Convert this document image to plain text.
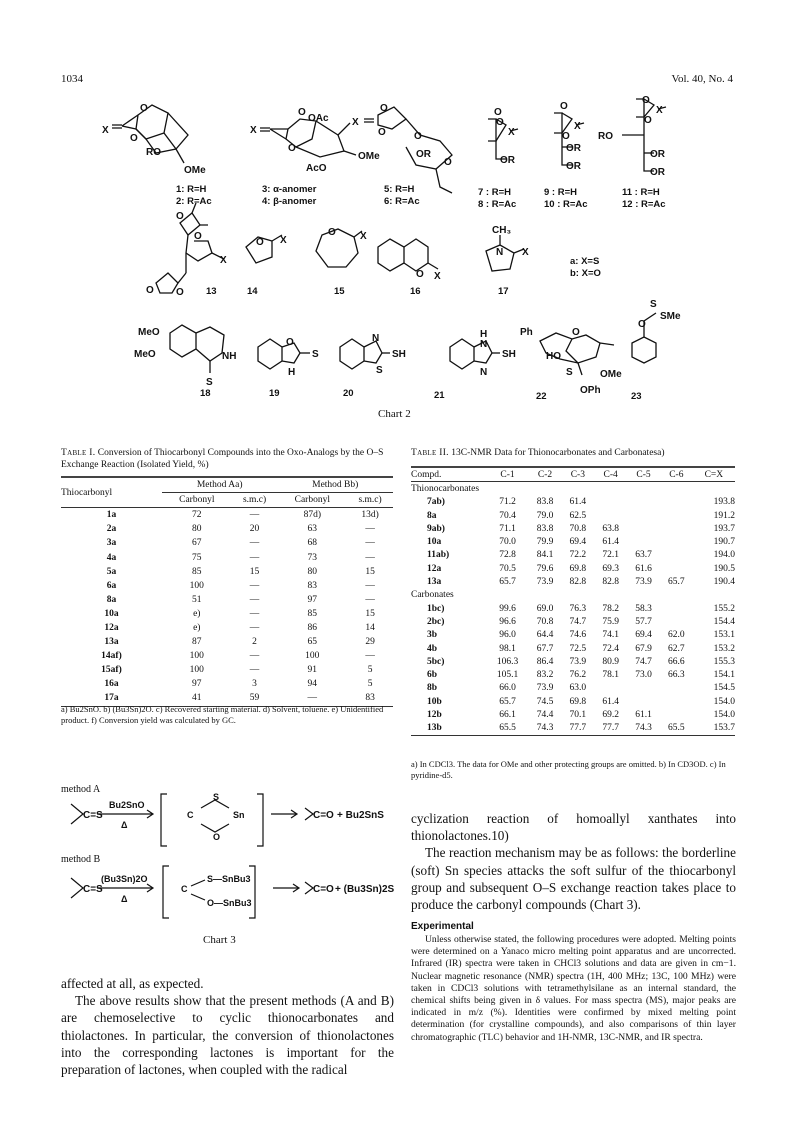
1034	Vol. 40, No. 4
X
O
O
RO
OMe
X
O
OAc
O
OMe
AcO
X
O
O	O
OR
O
O
X
O
OR
O
X
O
OR
OR
O
X
O
RO
OR
OR
O
X
O
O O
O X
O X
O X
CH₃
N X
MeO
MeO	NH
S
O
S
H
N
SH
S
H
N
SH
N
Ph	O
HO
S	OMe
OPh
S
SMe
O
1: R=H
2: R=Ac
3: α-anomer
4: β-anomer
5: R=H
6: R=Ac
7 : R=H
8 : R=Ac
9 : R=H
10 : R=Ac
11 : R=H
12 : R=Ac
13	14	15	16	17
a: X=S
b: X=O
18	19	20	21	22	23
Chart 2
Table I. Conversion of Thiocarbonyl Compounds into the Oxo-Analogs by the O–S Exchange Reaction (Isolated Yield, %)
Thiocarbonyl	Method Aa)		Method Bb)	
	Carbonyl	s.m.c)	Carbonyl	s.m.c)
1a	72	—	87d)	13d)
2a	80	20	63	—
3a	67	—	68	—
4a	75	—	73	—
5a	85	15	80	15
6a	100	—	83	—
8a	51	—	97	—
10a	e)	—	85	15
12a	e)	—	86	14
13a	87	2	65	29
14af)	100	—	100	—
15af)	100	—	91	5
16a	97	3	94	5
17a	41	59	—	83
a) Bu2SnO. b) (Bu3Sn)2O. c) Recovered starting material. d) Solvent, toluene. e) Unidentified product. f) Conversion yield was calculated by GC.
Table II. 13C-NMR Data for Thionocarbonates and Carbonatesa)
Compd.	C-1	C-2	C-3	C-4	C-5	C-6	C=X
Thionocarbonates							
7ab)	71.2	83.8	61.4				193.8
8a	70.4	79.0	62.5				191.2
9ab)	71.1	83.8	70.8	63.8			193.7
10a	70.0	79.9	69.4	61.4			190.7
11ab)	72.8	84.1	72.2	72.1	63.7		194.0
12a	70.5	79.6	69.8	69.3	61.6		190.5
13a	65.7	73.9	82.8	82.8	73.9	65.7	190.4
Carbonates							
1bc)	99.6	69.0	76.3	78.2	58.3		155.2
2bc)	96.6	70.8	74.7	75.9	57.7		154.4
3b	96.0	64.4	74.6	74.1	69.4	62.0	153.1
4b	98.1	67.7	72.5	72.4	67.9	62.7	153.2
5bc)	106.3	86.4	73.9	80.9	74.7	66.6	155.3
6b	105.1	83.2	76.2	78.1	73.0	66.3	154.1
8b	66.0	73.9	63.0				154.5
10b	65.7	74.5	69.8	61.4			154.0
12b	66.1	74.4	70.1	69.2	61.1		154.0
13b	65.5	74.3	77.7	77.7	74.3	65.5	153.7
a) In CDCl3. The data for OMe and other protecting groups are omitted. b) In CD3OD. c) In pyridine-d5.
method A
method B
C=S
Bu2SnO
Δ
S
Sn
O
C	C=O + Bu2SnS
C=S
(Bu3Sn)2O
Δ
C
S—SnBu3
O—SnBu3
C=O + (Bu3Sn)2S
Chart 3
affected at all, as expected.
The above results show that the present methods (A and B) are chemoselective to cyclic thionocarbonates and thiolactones. In particular, the conversion of thionolactones into the corresponding lactones is important for the preparation of lactones, when coupled with the radical
cyclization reaction of homoallyl xanthates into thionolactones.10)
The reaction mechanism may be as follows: the borderline (soft) Sn species attacks the soft sulfur of the thiocarbonyl group and subsequent O–S exchange reaction takes place to produce the carbonyl compounds (Chart 3).
Experimental
Unless otherwise stated, the following procedures were adopted. Melting points were determined on a Yanaco micro melting point apparatus and are uncorrected. Infrared (IR) spectra were taken in CHCl3 solutions and data are given in cm−1. Nuclear magnetic resonance (NMR) spectra (1H, 400 MHz; 13C, 100 MHz) were taken in CDCl3 solutions with tetramethylsilane as an internal standard, the chemical shifts being given in δ values. For mass spectra (MS), major peaks are indicated in m/z (%). Identities were confirmed by mixed melting point determination (for crystalline compounds), and also comparisons of thin layer chromatographic (TLC) behavior and 1H-NMR, 13C-NMR, and IR spectra.
